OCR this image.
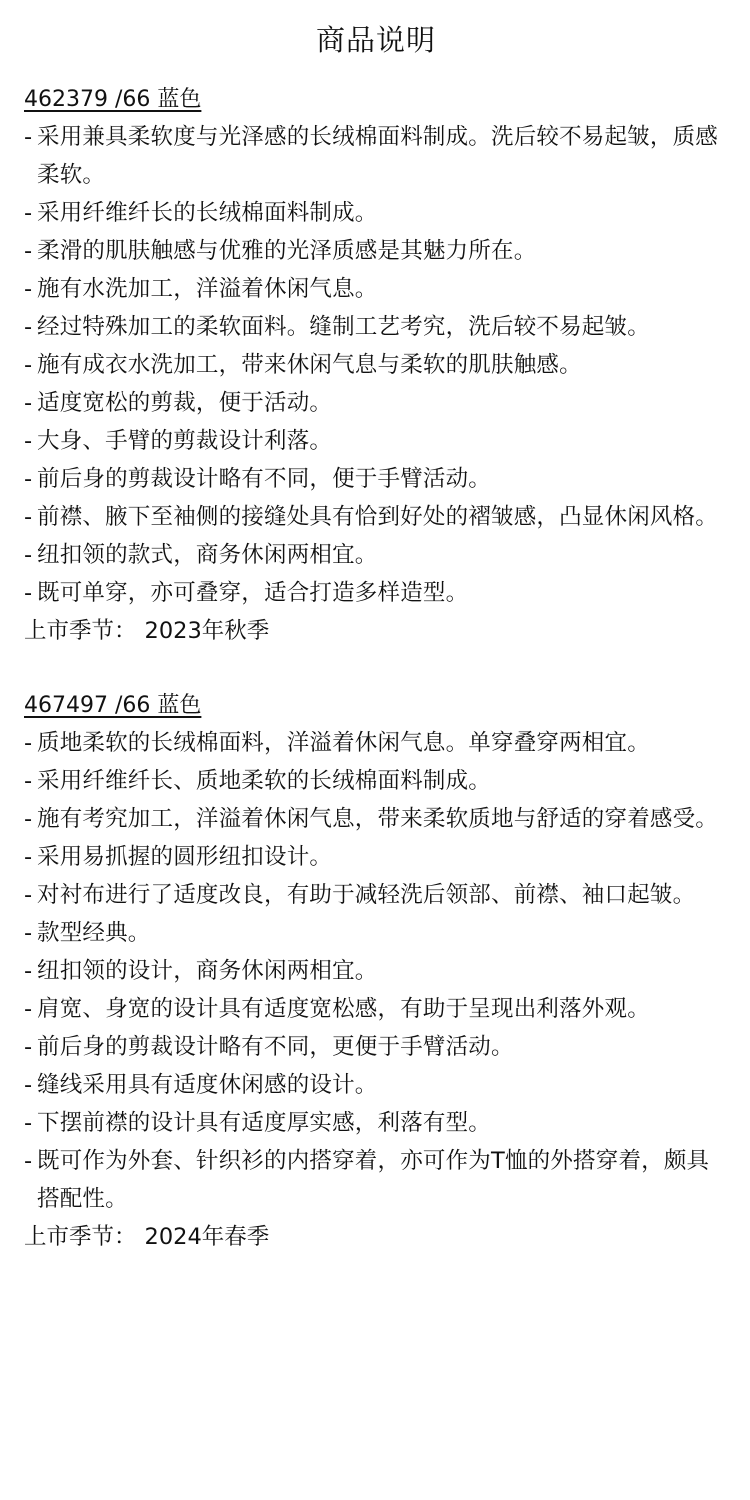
商品说明
462379 /66 蓝色
- 采用兼具柔软度与光泽感的长绒棉面料制成。洗后较不易起皱，质感柔软。
- 采用纤维纤长的长绒棉面料制成。
- 柔滑的肌肤触感与优雅的光泽质感是其魅力所在。
- 施有水洗加工，洋溢着休闲气息。
- 经过特殊加工的柔软面料。缝制工艺考究，洗后较不易起皱。
- 施有成衣水洗加工，带来休闲气息与柔软的肌肤触感。
- 适度宽松的剪裁，便于活动。
- 大身、手臂的剪裁设计利落。
- 前后身的剪裁设计略有不同，便于手臂活动。
- 前襟、腋下至袖侧的接缝处具有恰到好处的褶皱感，凸显休闲风格。
- 纽扣领的款式，商务休闲两相宜。
- 既可单穿，亦可叠穿，适合打造多样造型。
上市季节： 2023年秋季
467497 /66 蓝色
- 质地柔软的长绒棉面料，洋溢着休闲气息。单穿叠穿两相宜。
- 采用纤维纤长、质地柔软的长绒棉面料制成。
- 施有考究加工，洋溢着休闲气息，带来柔软质地与舒适的穿着感受。
- 采用易抓握的圆形纽扣设计。
- 对衬布进行了适度改良，有助于减轻洗后领部、前襟、袖口起皱。
- 款型经典。
- 纽扣领的设计，商务休闲两相宜。
- 肩宽、身宽的设计具有适度宽松感，有助于呈现出利落外观。
- 前后身的剪裁设计略有不同，更便于手臂活动。
- 缝线采用具有适度休闲感的设计。
- 下摆前襟的设计具有适度厚实感，利落有型。
- 既可作为外套、针织衫的内搭穿着，亦可作为T恤的外搭穿着，颇具搭配性。
上市季节： 2024年春季
